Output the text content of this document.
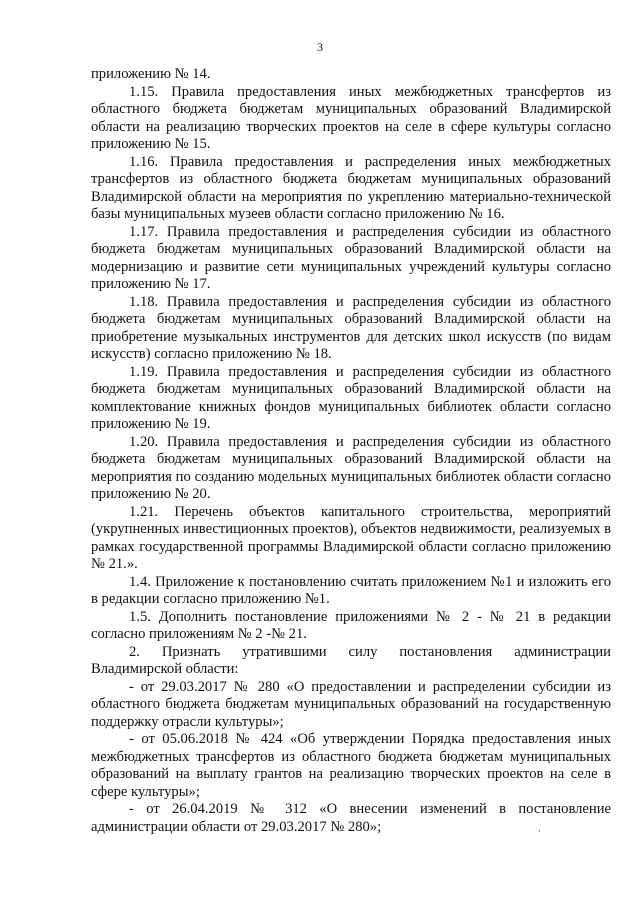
3

приложению № 14.

1.15. Правила предоставления иных межбюджетных трансфертов из областного бюджета бюджетам муниципальных образований Владимирской области на реализацию творческих проектов на селе в сфере культуры согласно приложению № 15.

1.16. Правила предоставления и распределения иных межбюджетных трансфертов из областного бюджета бюджетам муниципальных образований Владимирской области на мероприятия по укреплению материально-технической базы муниципальных музеев области согласно приложению № 16.

1.17. Правила предоставления и распределения субсидии из областного бюджета бюджетам муниципальных образований Владимирской области на модернизацию и развитие сети муниципальных учреждений культуры согласно приложению № 17.

1.18. Правила предоставления и распределения субсидии из областного бюджета бюджетам муниципальных образований Владимирской области на приобретение музыкальных инструментов для детских школ искусств (по видам искусств) согласно приложению № 18.

1.19. Правила предоставления и распределения субсидии из областного бюджета бюджетам муниципальных образований Владимирской области на комплектование книжных фондов муниципальных библиотек области согласно приложению № 19.

1.20. Правила предоставления и распределения субсидии из областного бюджета бюджетам муниципальных образований Владимирской области на мероприятия по созданию модельных муниципальных библиотек области согласно приложению № 20.

1.21. Перечень объектов капитального строительства, мероприятий (укрупненных инвестиционных проектов), объектов недвижимости, реализуемых в рамках государственной программы Владимирской области согласно приложению № 21.».

1.4. Приложение к постановлению считать приложением №1 и изложить его в редакции согласно приложению №1.

1.5. Дополнить постановление приложениями № 2 - № 21 в редакции согласно приложениям № 2 -№ 21.

2. Признать утратившими силу постановления администрации Владимирской области:

- от 29.03.2017 № 280 «О предоставлении и распределении субсидии из областного бюджета бюджетам муниципальных образований на государственную поддержку отрасли культуры»;

- от 05.06.2018 № 424 «Об утверждении Порядка предоставления иных межбюджетных трансфертов из областного бюджета бюджетам муниципальных образований на выплату грантов на реализацию творческих проектов на селе в сфере культуры»;

- от 26.04.2019 № 312 «О внесении изменений в постановление администрации области от 29.03.2017 № 280»;
